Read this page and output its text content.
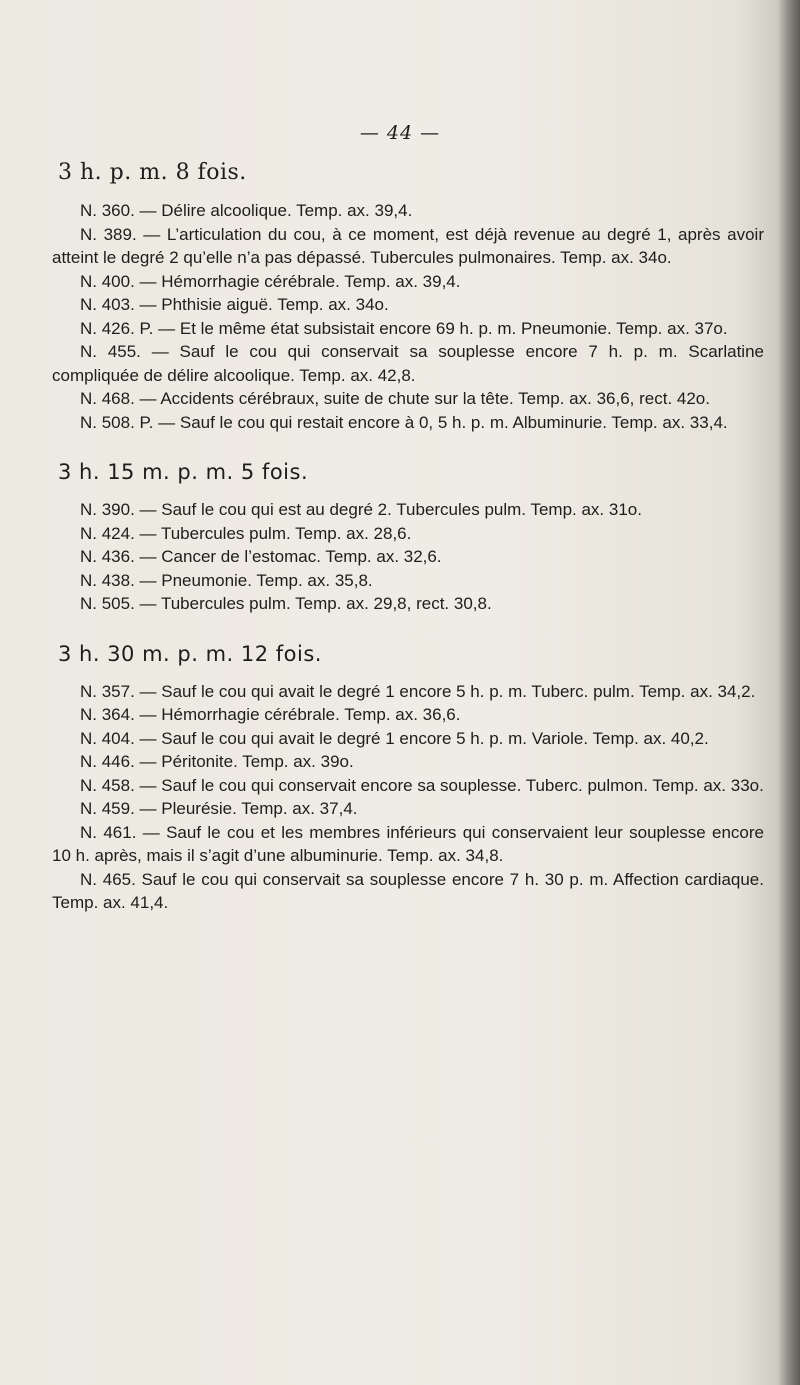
— 44 —
3 h. p. m. 8 fois.

N. 360. — Délire alcoolique. Temp. ax. 39,4.

N. 389. — L’articulation du cou, à ce moment, est déjà revenue au degré 1, après avoir atteint le degré 2 qu’elle n’a pas dépassé. Tubercules pulmonaires. Temp. ax. 34o.

N. 400. — Hémorrhagie cérébrale. Temp. ax. 39,4.

N. 403. — Phthisie aiguë. Temp. ax. 34o.

N. 426. P. — Et le même état subsistait encore 69 h. p. m. Pneumonie. Temp. ax. 37o.

N. 455. — Sauf le cou qui conservait sa souplesse encore 7 h. p. m. Scarlatine compliquée de délire alcoolique. Temp. ax. 42,8.

N. 468. — Accidents cérébraux, suite de chute sur la tête. Temp. ax. 36,6, rect. 42o.

N. 508. P. — Sauf le cou qui restait encore à 0, 5 h. p. m. Albuminurie. Temp. ax. 33,4.

3 h. 15 m. p. m. 5 fois.

N. 390. — Sauf le cou qui est au degré 2. Tubercules pulm. Temp. ax. 31o.

N. 424. — Tubercules pulm. Temp. ax. 28,6.

N. 436. — Cancer de l’estomac. Temp. ax. 32,6.

N. 438. — Pneumonie. Temp. ax. 35,8.

N. 505. — Tubercules pulm. Temp. ax. 29,8, rect. 30,8.

3 h. 30 m. p. m. 12 fois.

N. 357. — Sauf le cou qui avait le degré 1 encore 5 h. p. m. Tuberc. pulm. Temp. ax. 34,2.

N. 364. — Hémorrhagie cérébrale. Temp. ax. 36,6.

N. 404. — Sauf le cou qui avait le degré 1 encore 5 h. p. m. Variole. Temp. ax. 40,2.

N. 446. — Péritonite. Temp. ax. 39o.

N. 458. — Sauf le cou qui conservait encore sa souplesse. Tuberc. pulmon. Temp. ax. 33o.

N. 459. — Pleurésie. Temp. ax. 37,4.

N. 461. — Sauf le cou et les membres inférieurs qui conservaient leur souplesse encore 10 h. après, mais il s’agit d’une albuminurie. Temp. ax. 34,8.

N. 465. Sauf le cou qui conservait sa souplesse encore 7 h. 30 p. m. Affection cardiaque. Temp. ax. 41,4.
